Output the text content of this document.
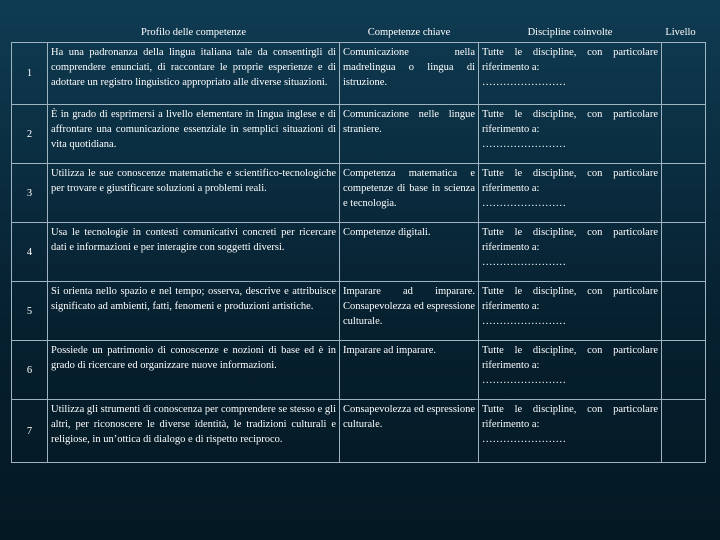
	Profilo delle competenze	Competenze chiave	Discipline coinvolte	Livello
1	Ha una padronanza della lingua italiana tale da consentirgli di comprendere enunciati, di raccontare le proprie esperienze e di adottare un registro linguistico appropriato alle diverse situazioni.	Comunicazione nella madrelingua o lingua di istruzione.	Tutte le discipline, con particolare riferimento a:
……………………	

2	È in grado di esprimersi a livello elementare in lingua inglese e di affrontare una comunicazione essenziale in semplici situazioni di vita quotidiana.	Comunicazione nelle lingue straniere.	Tutte le discipline, con particolare riferimento a:
……………………	

3	Utilizza le sue conoscenze matematiche e scientifico-tecnologiche per trovare e giustificare soluzioni a problemi reali.	Competenza matematica e competenze di base in scienza e tecnologia.	Tutte le discipline, con particolare riferimento a:
……………………	

4	Usa le tecnologie in contesti comunicativi concreti per ricercare dati e informazioni e per interagire con soggetti diversi.	Competenze digitali.	Tutte le discipline, con particolare riferimento a:
……………………	

5	Si orienta nello spazio e nel tempo; osserva, descrive e attribuisce significato ad ambienti, fatti, fenomeni e produzioni artistiche.	Imparare ad imparare. Consapevolezza ed espressione culturale.	Tutte le discipline, con particolare riferimento a:
……………………	

6	Possiede un patrimonio di conoscenze e nozioni di base ed è in grado di ricercare ed organizzare nuove informazioni.	Imparare ad imparare.	Tutte le discipline, con particolare riferimento a:
……………………	

7	Utilizza gli strumenti di conoscenza per comprendere se stesso e gli altri, per riconoscere le diverse identità, le tradizioni culturali e religiose, in un’ottica di dialogo e di rispetto reciproco.	Consapevolezza ed espressione culturale.	Tutte le discipline, con particolare riferimento a:
……………………	
